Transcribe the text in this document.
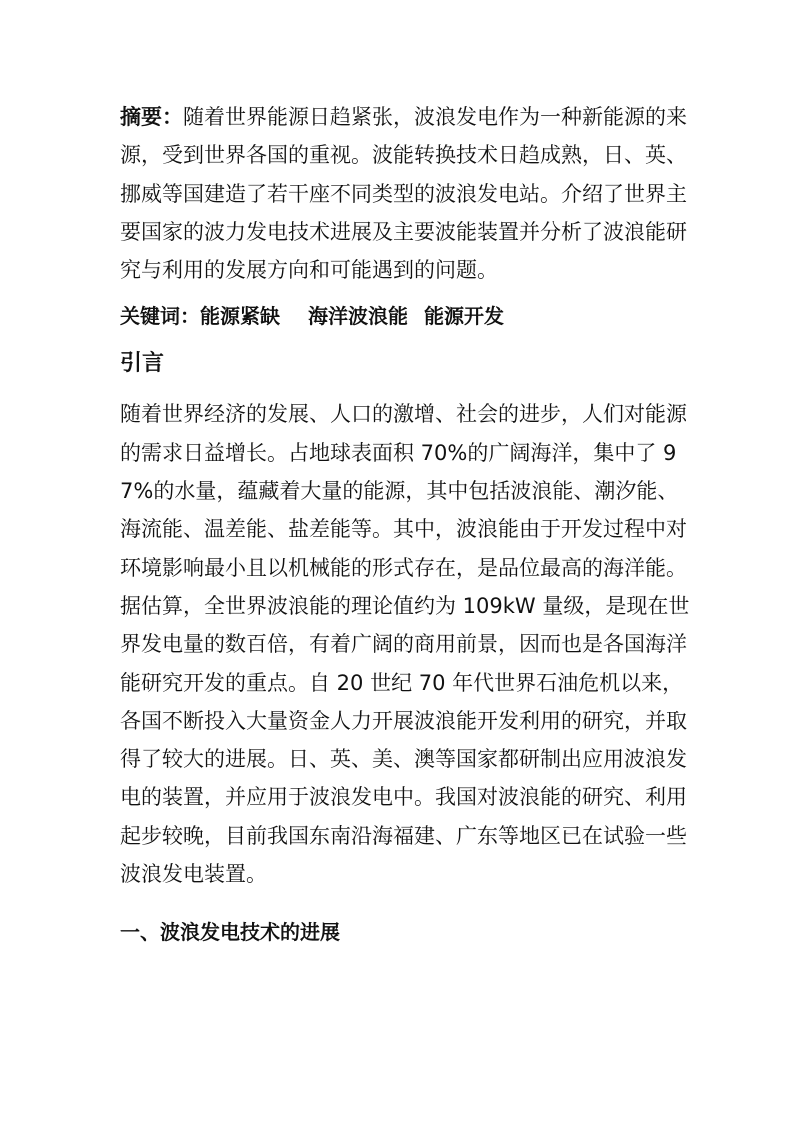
摘要：随着世界能源日趋紧张，波浪发电作为一种新能源的来源，受到世界各国的重视。波能转换技术日趋成熟，日、英、挪威等国建造了若干座不同类型的波浪发电站。介绍了世界主要国家的波力发电技术进展及主要波能装置并分析了波浪能研究与利用的发展方向和可能遇到的问题。

关键词：能源紧缺 海洋波浪能 能源开发

引言

随着世界经济的发展、人口的激增、社会的进步，人们对能源的需求日益增长。占地球表面积 70%的广阔海洋，集中了 97%的水量，蕴藏着大量的能源，其中包括波浪能、潮汐能、海流能、温差能、盐差能等。其中，波浪能由于开发过程中对环境影响最小且以机械能的形式存在，是品位最高的海洋能。据估算，全世界波浪能的理论值约为 109kW 量级，是现在世界发电量的数百倍，有着广阔的商用前景，因而也是各国海洋能研究开发的重点。自 20 世纪 70 年代世界石油危机以来，各国不断投入大量资金人力开展波浪能开发利用的研究，并取得了较大的进展。日、英、美、澳等国家都研制出应用波浪发电的装置，并应用于波浪发电中。我国对波浪能的研究、利用起步较晚，目前我国东南沿海福建、广东等地区已在试验一些波浪发电装置。

一、波浪发电技术的进展
